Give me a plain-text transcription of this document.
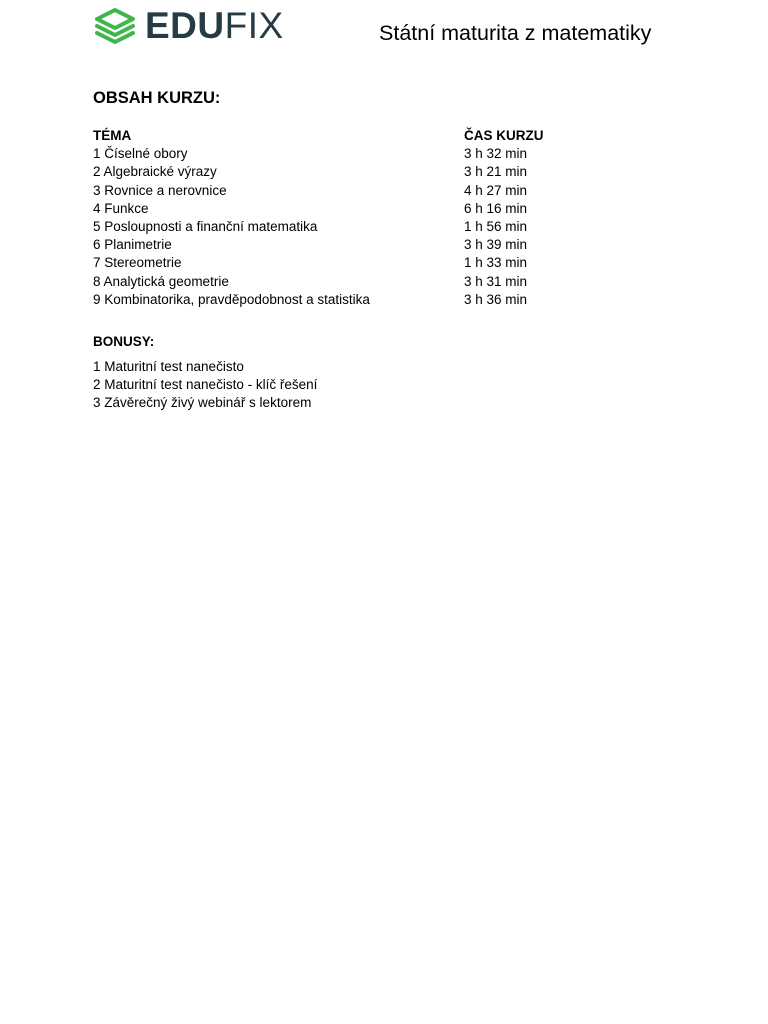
EDUFIX	Státní maturita z matematiky
OBSAH KURZU:
TÉMA	ČAS KURZU
1 Číselné obory	3 h 32 min
2 Algebraické výrazy	3 h 21 min
3 Rovnice a nerovnice	4 h 27 min
4 Funkce	6 h 16 min
5 Posloupnosti a finanční matematika	1 h 56 min
6 Planimetrie	3 h 39 min
7 Stereometrie	1 h 33 min
8 Analytická geometrie	3 h 31 min
9 Kombinatorika, pravděpodobnost a statistika	3 h 36 min
BONUSY:
1 Maturitní test nanečisto
2 Maturitní test nanečisto - klíč řešení
3 Závěrečný živý webinář s lektorem
